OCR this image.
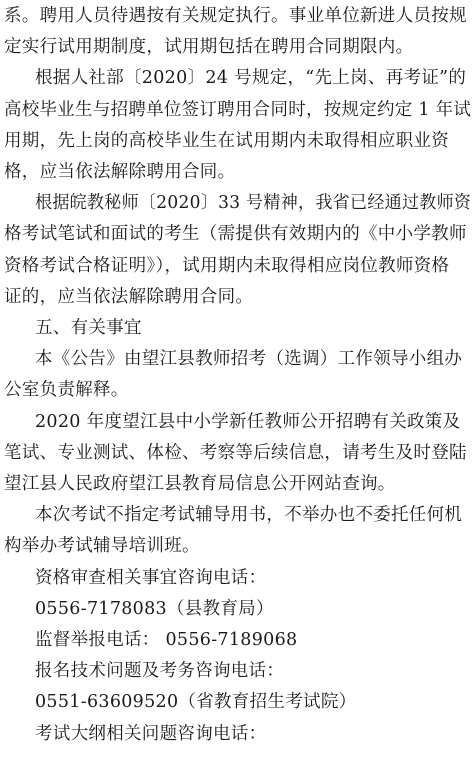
系。聘用人员待遇按有关规定执行。事业单位新进人员按规
定实行试用期制度，试用期包括在聘用合同期限内。
根据人社部〔2020〕24 号规定，“先上岗、再考证”的
高校毕业生与招聘单位签订聘用合同时，按规定约定 1 年试
用期，先上岗的高校毕业生在试用期内未取得相应职业资
格，应当依法解除聘用合同。
根据皖教秘师〔2020〕33 号精神，我省已经通过教师资
格考试笔试和面试的考生（需提供有效期内的《中小学教师
资格考试合格证明》），试用期内未取得相应岗位教师资格
证的，应当依法解除聘用合同。
五、有关事宜
本《公告》由望江县教师招考（选调）工作领导小组办
公室负责解释。
2020 年度望江县中小学新任教师公开招聘有关政策及
笔试、专业测试、体检、考察等后续信息，请考生及时登陆
望江县人民政府望江县教育局信息公开网站查询。
本次考试不指定考试辅导用书，不举办也不委托任何机
构举办考试辅导培训班。
资格审查相关事宜咨询电话：
0556-7178083（县教育局）
监督举报电话： 0556-7189068
报名技术问题及考务咨询电话：
0551-63609520（省教育招生考试院）
考试大纲相关问题咨询电话：
